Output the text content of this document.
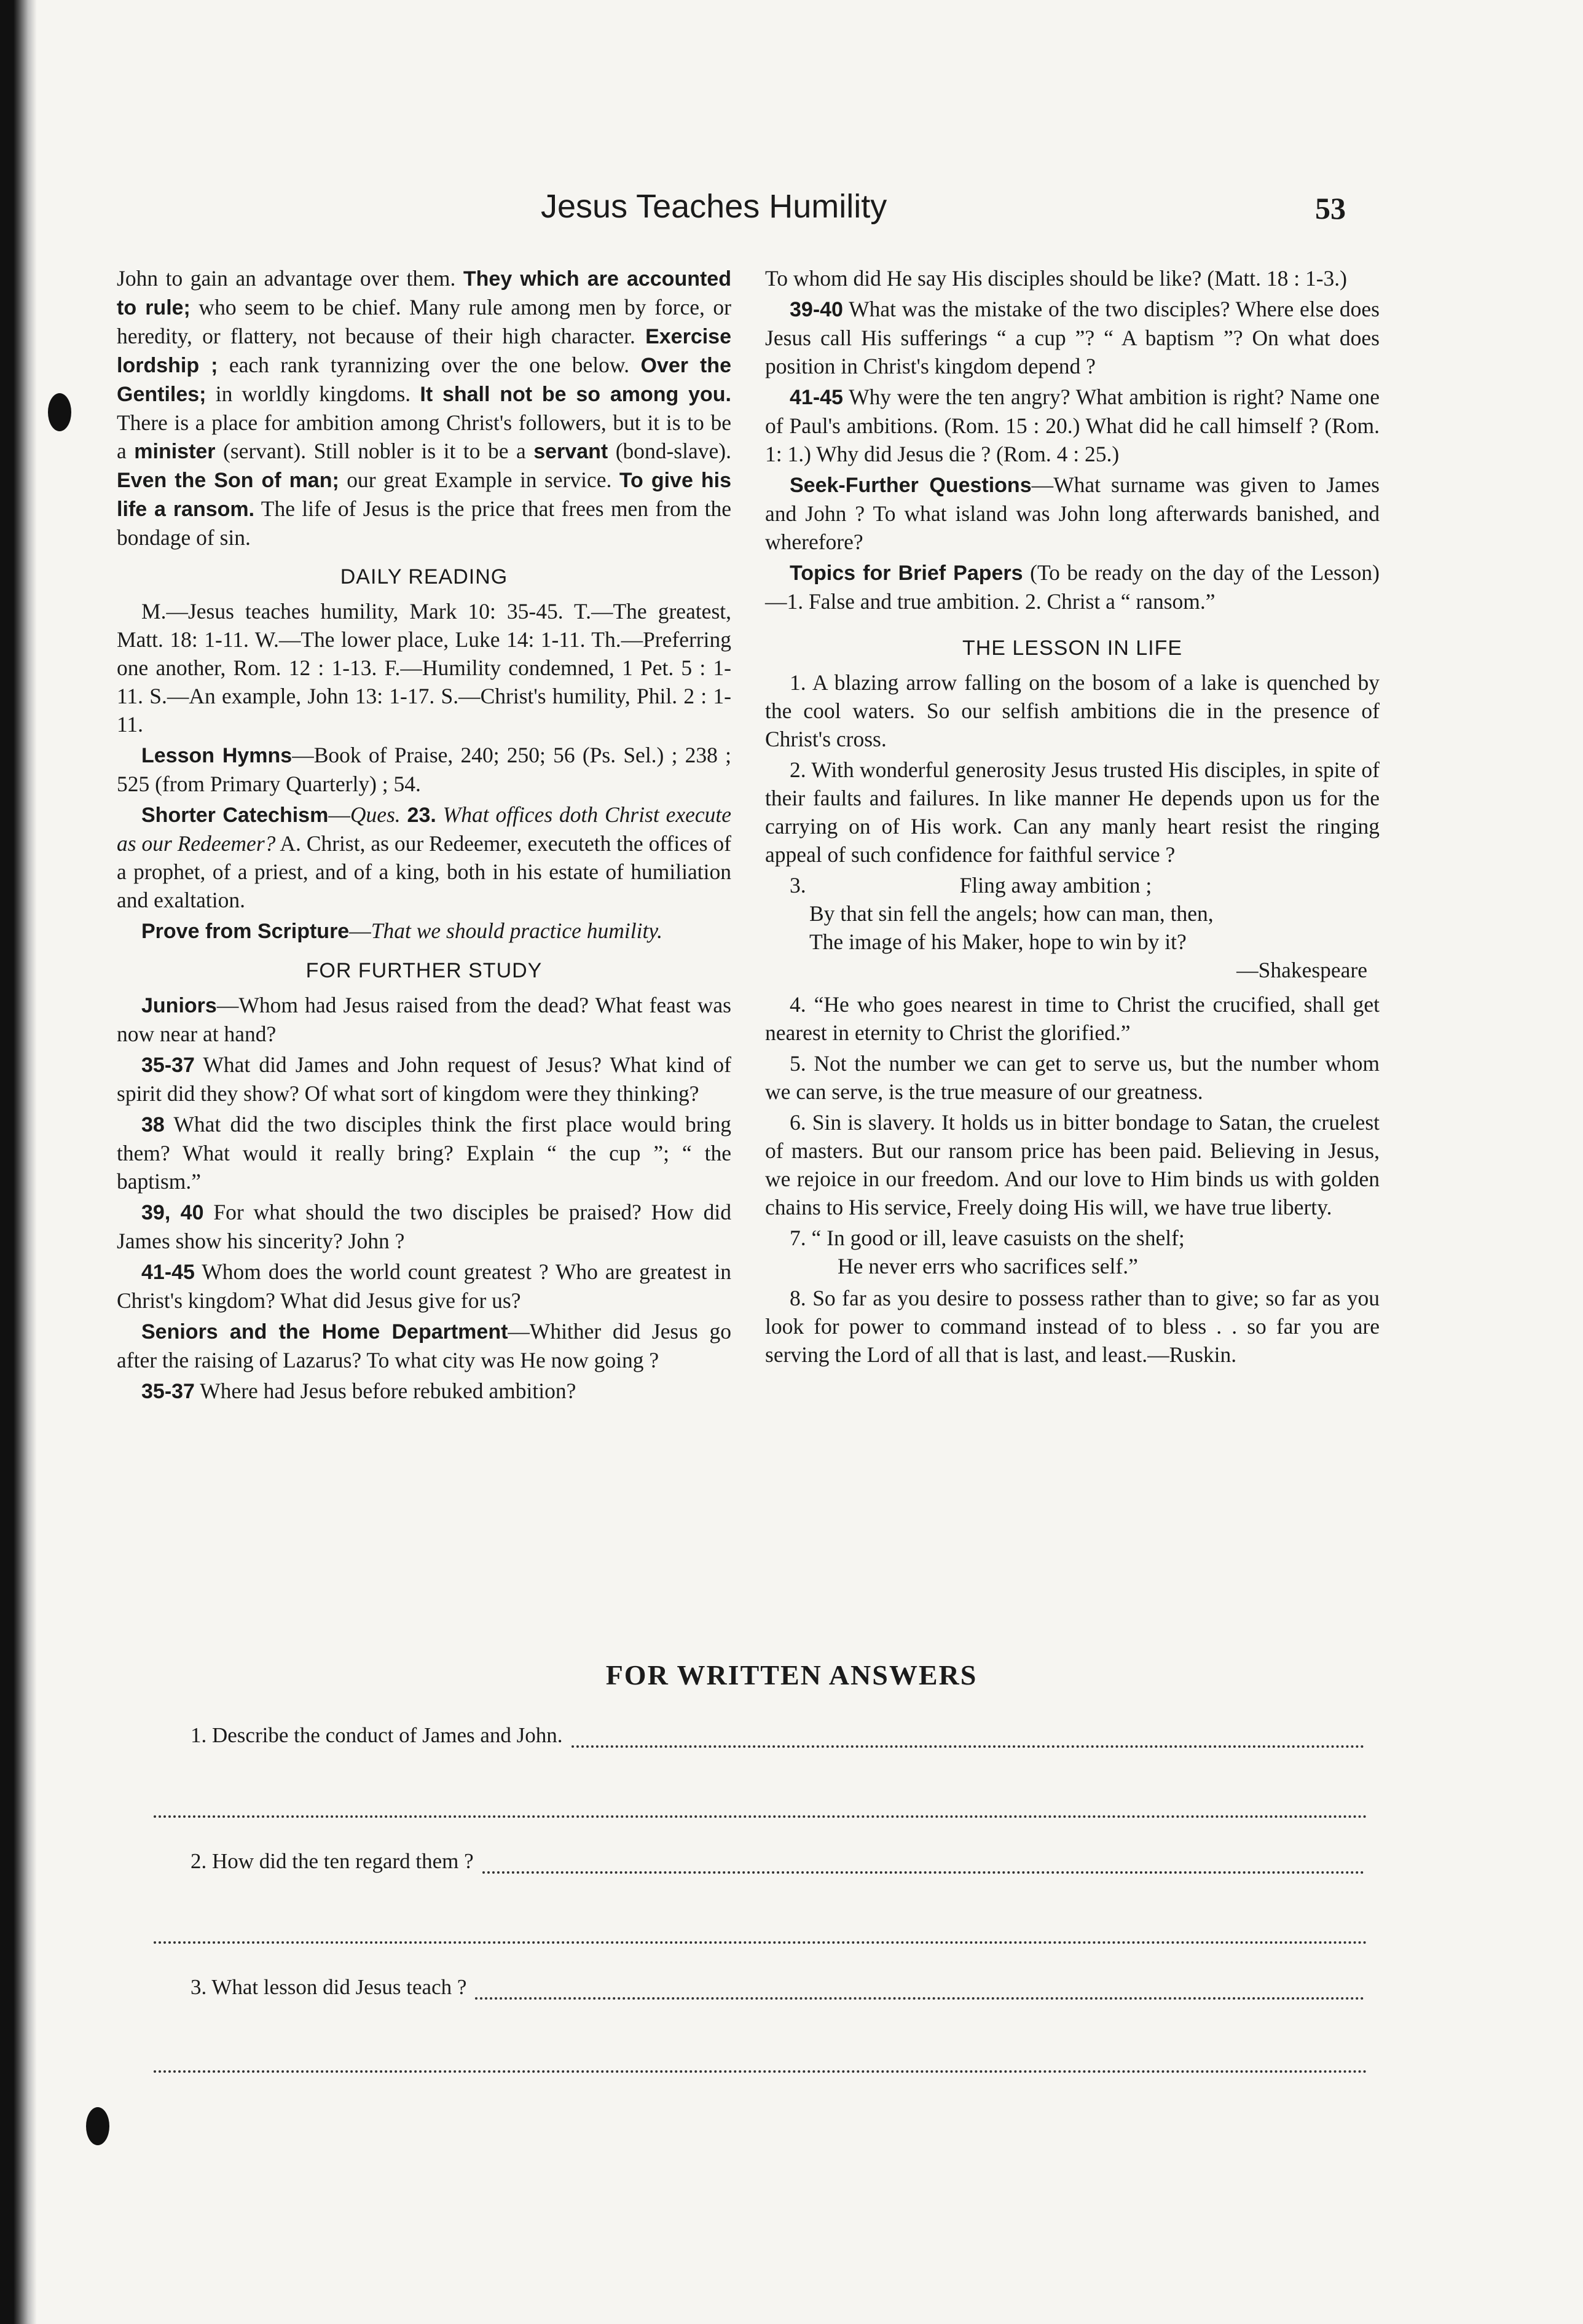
Jesus Teaches Humility	53

John to gain an advantage over them. They which are accounted to rule; who seem to be chief. Many rule among men by force, or heredity, or flattery, not because of their high character. Exercise lordship ; each rank tyrannizing over the one below. Over the Gentiles; in worldly kingdoms. It shall not be so among you. There is a place for ambition among Christ's followers, but it is to be a minister (servant). Still nobler is it to be a servant (bond-slave). Even the Son of man; our great Example in service. To give his life a ransom. The life of Jesus is the price that frees men from the bondage of sin.

DAILY READING

M.—Jesus teaches humility, Mark 10: 35-45. T.—The greatest, Matt. 18: 1-11. W.—The lower place, Luke 14: 1-11. Th.—Preferring one another, Rom. 12 : 1-13. F.—Humility condemned, 1 Pet. 5 : 1-11. S.—An example, John 13: 1-17. S.—Christ's humility, Phil. 2 : 1-11.

Lesson Hymns—Book of Praise, 240; 250; 56 (Ps. Sel.) ; 238 ; 525 (from Primary Quarterly) ; 54.

Shorter Catechism—Ques. 23. What offices doth Christ execute as our Redeemer? A. Christ, as our Redeemer, executeth the offices of a prophet, of a priest, and of a king, both in his estate of humiliation and exaltation.

Prove from Scripture—That we should practice humility.

FOR FURTHER STUDY

Juniors—Whom had Jesus raised from the dead? What feast was now near at hand?

35-37 What did James and John request of Jesus? What kind of spirit did they show? Of what sort of kingdom were they thinking?

38 What did the two disciples think the first place would bring them? What would it really bring? Explain “ the cup ”; “ the baptism.”

39, 40 For what should the two disciples be praised? How did James show his sincerity? John ?

41-45 Whom does the world count greatest ? Who are greatest in Christ's kingdom? What did Jesus give for us?

Seniors and the Home Department—Whither did Jesus go after the raising of Lazarus? To what city was He now going ?

35-37 Where had Jesus before rebuked ambition?

To whom did He say His disciples should be like? (Matt. 18 : 1-3.)

39-40 What was the mistake of the two disciples? Where else does Jesus call His sufferings “ a cup ”? “ A baptism ”? On what does position in Christ's kingdom depend ?

41-45 Why were the ten angry? What ambition is right? Name one of Paul's ambitions. (Rom. 15 : 20.) What did he call himself ? (Rom. 1: 1.) Why did Jesus die ? (Rom. 4 : 25.)

Seek-Further Questions—What surname was given to James and John ? To what island was John long afterwards banished, and wherefore?

Topics for Brief Papers (To be ready on the day of the Lesson)—1. False and true ambition. 2. Christ a “ ransom.”

THE LESSON IN LIFE

1. A blazing arrow falling on the bosom of a lake is quenched by the cool waters. So our selfish ambitions die in the presence of Christ's cross.

2. With wonderful generosity Jesus trusted His disciples, in spite of their faults and failures. In like manner He depends upon us for the carrying on of His work. Can any manly heart resist the ringing appeal of such confidence for faithful service ?

3.	Fling away ambition ;

By that sin fell the angels; how can man, then,

The image of his Maker, hope to win by it?

—Shakespeare

4. “He who goes nearest in time to Christ the crucified, shall get nearest in eternity to Christ the glorified.”

5. Not the number we can get to serve us, but the number whom we can serve, is the true measure of our greatness.

6. Sin is slavery. It holds us in bitter bondage to Satan, the cruelest of masters. But our ransom price has been paid. Believing in Jesus, we rejoice in our freedom. And our love to Him binds us with golden chains to His service, Freely doing His will, we have true liberty.

7. “ In good or ill, leave casuists on the shelf;

He never errs who sacrifices self.”

8. So far as you desire to possess rather than to give; so far as you look for power to command instead of to bless . . so far you are serving the Lord of all that is last, and least.—Ruskin.

FOR WRITTEN ANSWERS
1. Describe the conduct of James and John.
2. How did the ten regard them ?
3. What lesson did Jesus teach ?
